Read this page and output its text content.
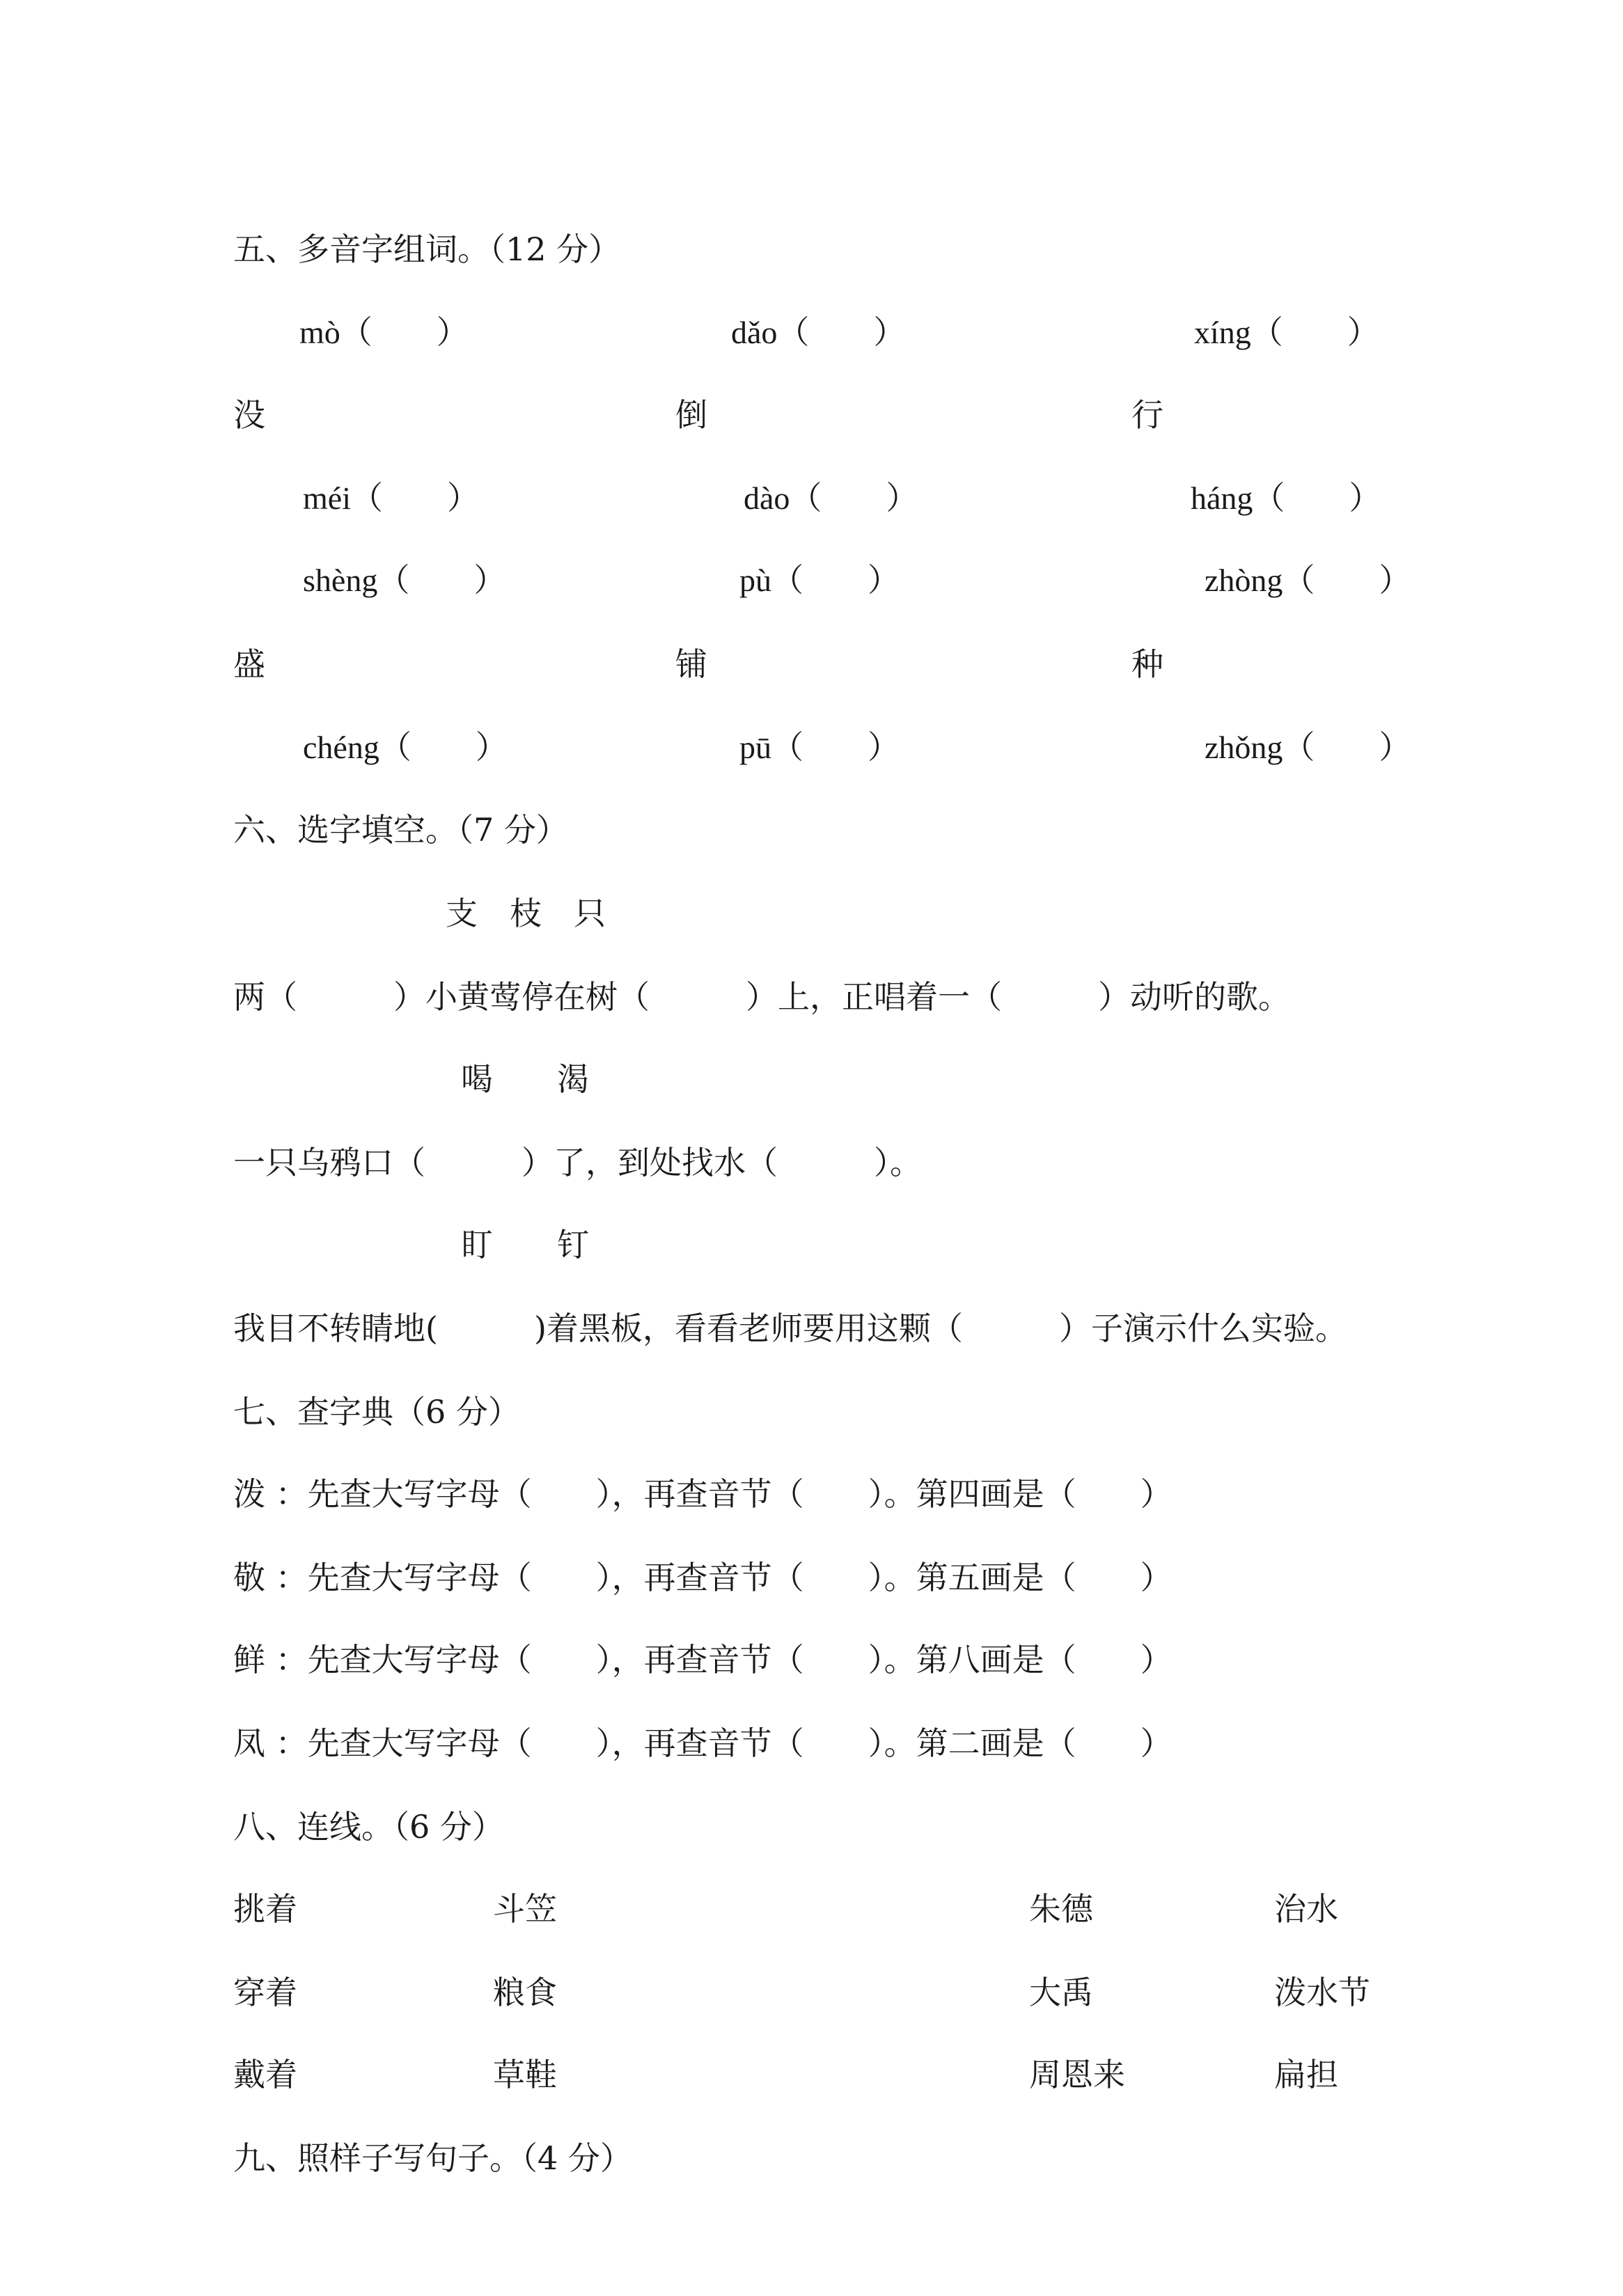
五、多音字组词。（12 分）
mò（　　）	dǎo（　　）	xíng（　　）
没	倒	行
méi（　　）	dào（　　）	háng（　　）
shèng（　　）	pù（　　）	zhòng（　　）
盛	铺	种
chéng（　　）	pū（　　）	zhǒng（　　）
六、选字填空。（7 分）
支　枝　只
两（　　　）小黄莺停在树（　　　）上，正唱着一（　　　）动听的歌。
喝　　渴
一只乌鸦口（　　　）了，到处找水（　　　）。
盯　　钉
我目不转睛地(　　　)着黑板，看看老师要用这颗（　　　）子演示什么实验。
七、查字典（6 分）
泼 ：先查大写字母（　　），再查音节（　　）。第四画是（　　）
敬 ：先查大写字母（　　），再查音节（　　）。第五画是（　　）
鲜 ：先查大写字母（　　），再查音节（　　）。第八画是（　　）
凤 ：先查大写字母（　　），再查音节（　　）。第二画是（　　）
八、连线。（6 分）
挑着	斗笠	朱德	治水
穿着	粮食	大禹	泼水节
戴着	草鞋	周恩来	扁担
九、照样子写句子。（4 分）
